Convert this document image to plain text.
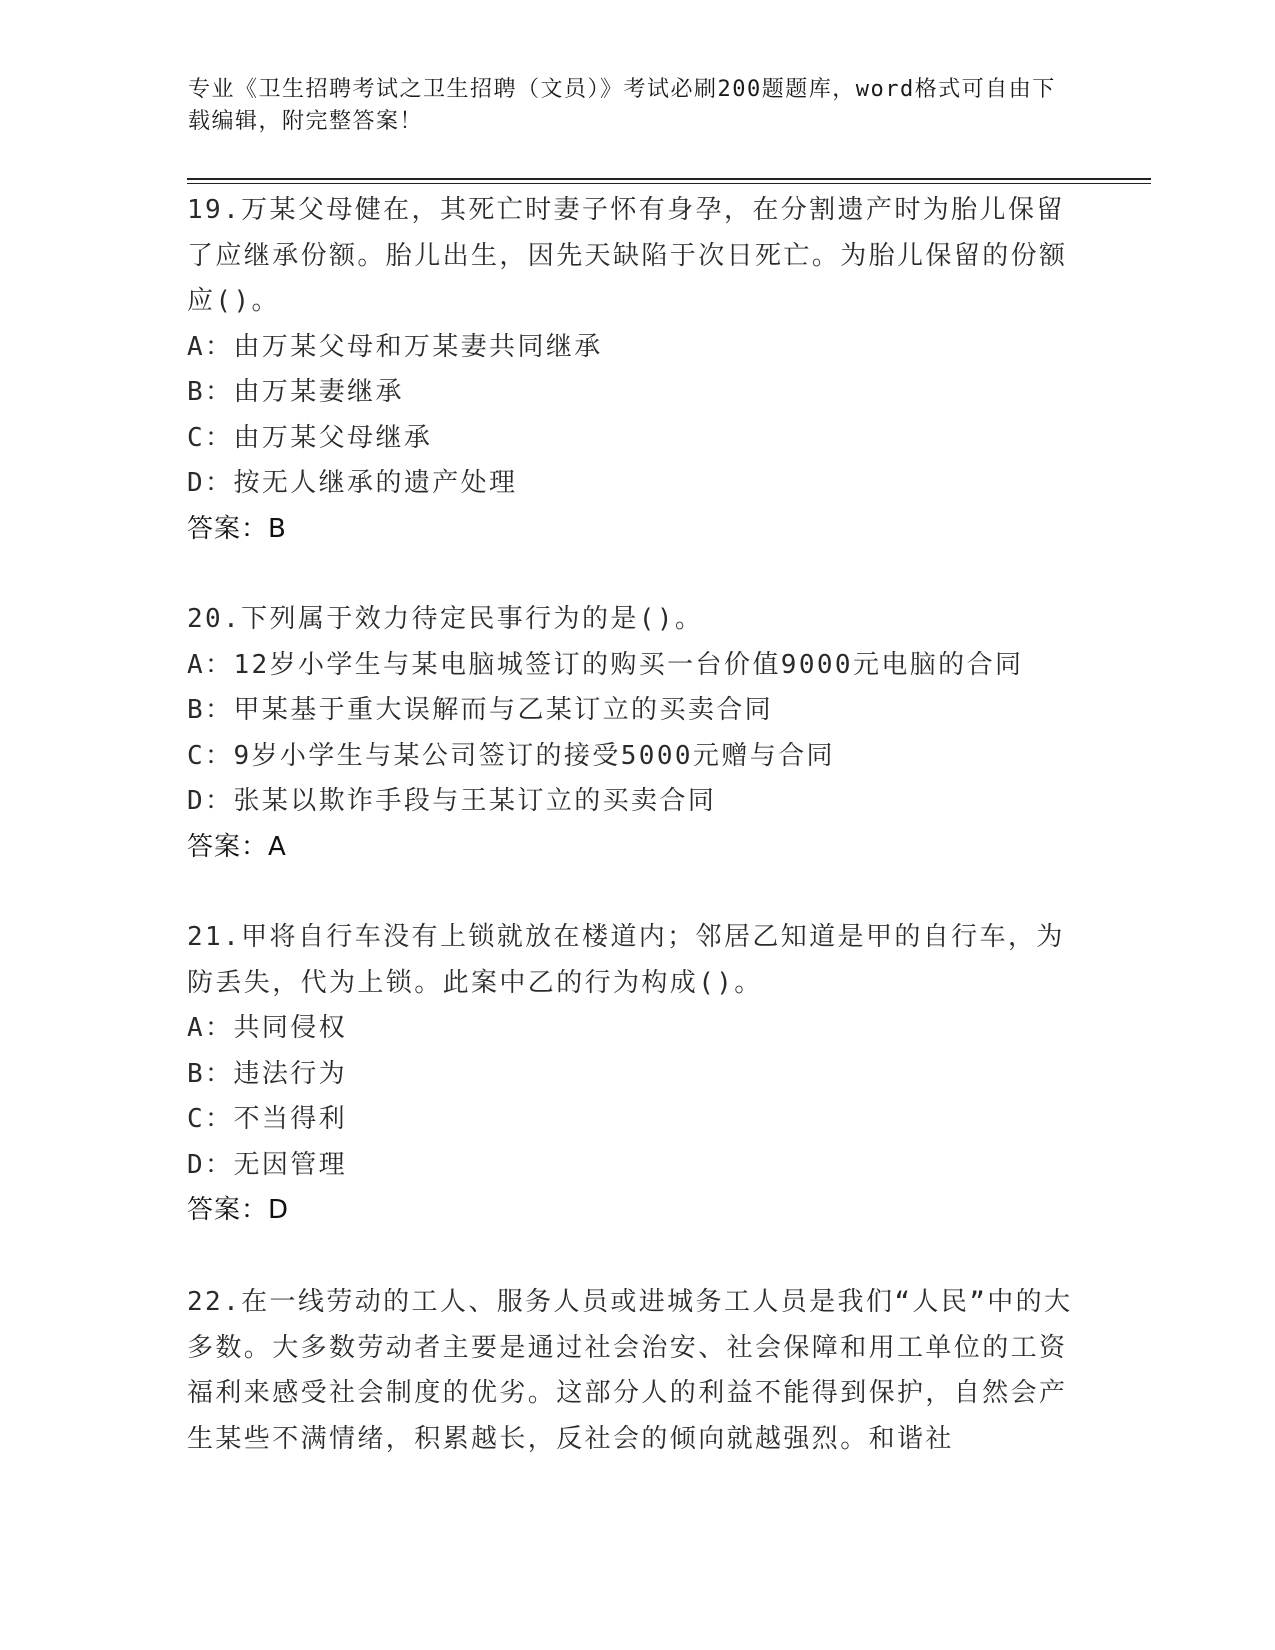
专业《卫生招聘考试之卫生招聘（文员）》考试必刷200题题库，word格式可自由下载编辑，附完整答案！

19.万某父母健在，其死亡时妻子怀有身孕，在分割遗产时为胎儿保留了应继承份额。胎儿出生，因先天缺陷于次日死亡。为胎儿保留的份额应()。

A：由万某父母和万某妻共同继承

B：由万某妻继承

C：由万某父母继承

D：按无人继承的遗产处理

答案：B

20.下列属于效力待定民事行为的是()。

A：12岁小学生与某电脑城签订的购买一台价值9000元电脑的合同

B：甲某基于重大误解而与乙某订立的买卖合同

C：9岁小学生与某公司签订的接受5000元赠与合同

D：张某以欺诈手段与王某订立的买卖合同

答案：A

21.甲将自行车没有上锁就放在楼道内；邻居乙知道是甲的自行车，为防丢失，代为上锁。此案中乙的行为构成()。

A：共同侵权

B：违法行为

C：不当得利

D：无因管理

答案：D

22.在一线劳动的工人、服务人员或进城务工人员是我们“人民”中的大多数。大多数劳动者主要是通过社会治安、社会保障和用工单位的工资福利来感受社会制度的优劣。这部分人的利益不能得到保护，自然会产生某些不满情绪，积累越长，反社会的倾向就越强烈。和谐社
